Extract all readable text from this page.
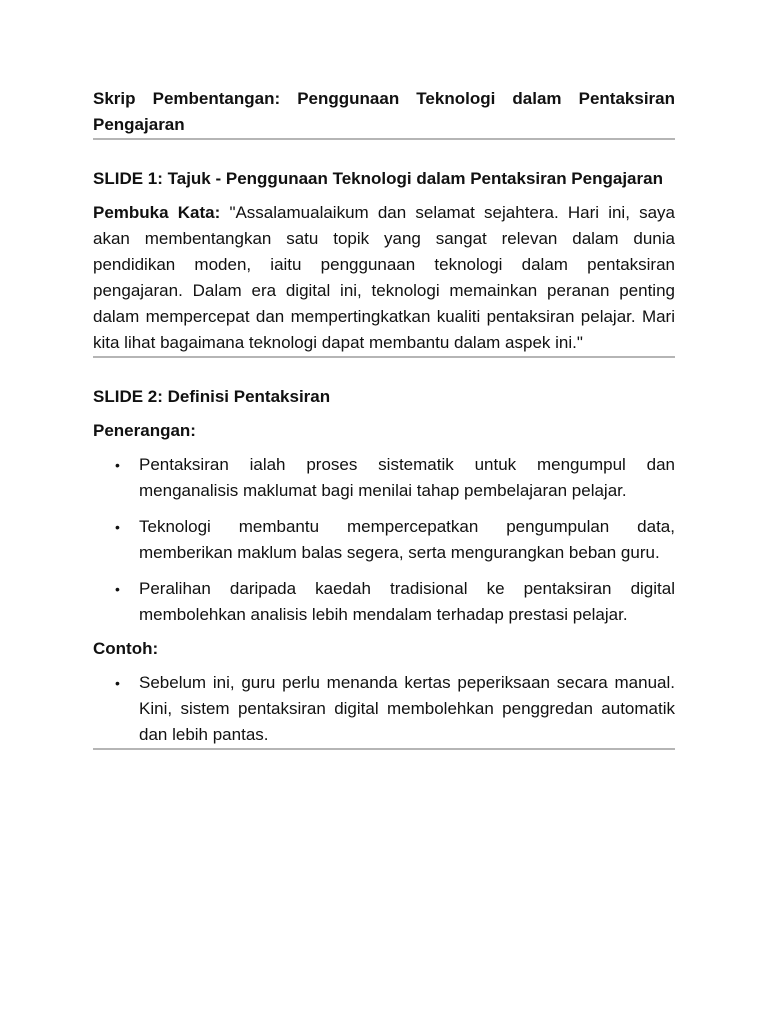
Skrip Pembentangan: Penggunaan Teknologi dalam Pentaksiran Pengajaran
SLIDE 1: Tajuk - Penggunaan Teknologi dalam Pentaksiran Pengajaran

Pembuka Kata: "Assalamualaikum dan selamat sejahtera. Hari ini, saya akan membentangkan satu topik yang sangat relevan dalam dunia pendidikan moden, iaitu penggunaan teknologi dalam pentaksiran pengajaran. Dalam era digital ini, teknologi memainkan peranan penting dalam mempercepat dan mempertingkatkan kualiti pentaksiran pelajar. Mari kita lihat bagaimana teknologi dapat membantu dalam aspek ini."

SLIDE 2: Definisi Pentaksiran

Penerangan:

• Pentaksiran ialah proses sistematik untuk mengumpul dan menganalisis maklumat bagi menilai tahap pembelajaran pelajar.
• Teknologi membantu mempercepatkan pengumpulan data, memberikan maklum balas segera, serta mengurangkan beban guru.
• Peralihan daripada kaedah tradisional ke pentaksiran digital membolehkan analisis lebih mendalam terhadap prestasi pelajar.

Contoh:

• Sebelum ini, guru perlu menanda kertas peperiksaan secara manual. Kini, sistem pentaksiran digital membolehkan penggredan automatik dan lebih pantas.
